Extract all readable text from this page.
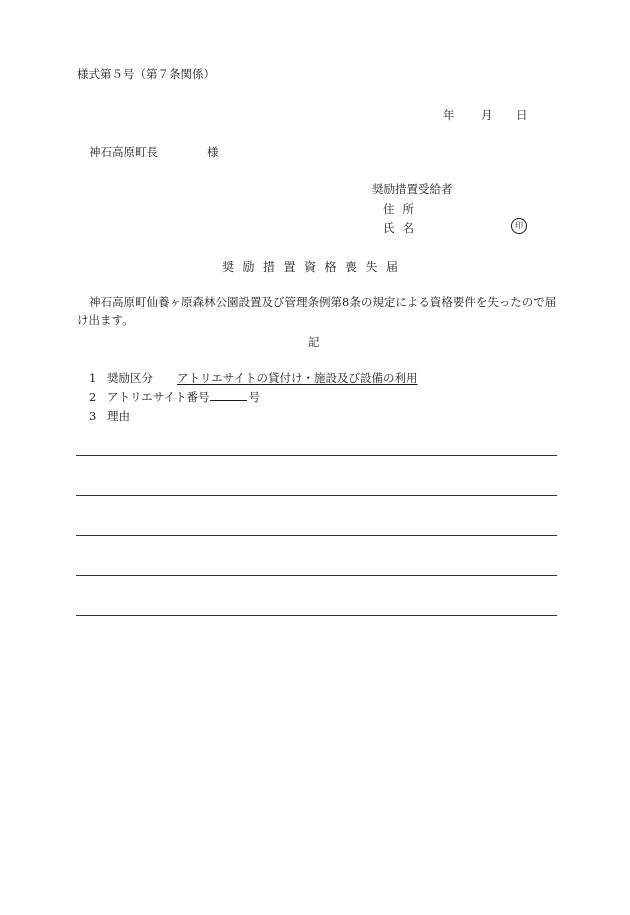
様式第５号（第７条関係）
年 月 日
神石高原町長	様
奨励措置受給者
住所
氏名	印
奨励措置資格喪失届
神石高原町仙養ヶ原森林公園設置及び管理条例第8条の規定による資格要件を失ったので届け出ます。
記
1 奨励区分 アトリエサイトの貸付け・施設及び設備の利用
2 アトリエサイト番号	号
3 理由
